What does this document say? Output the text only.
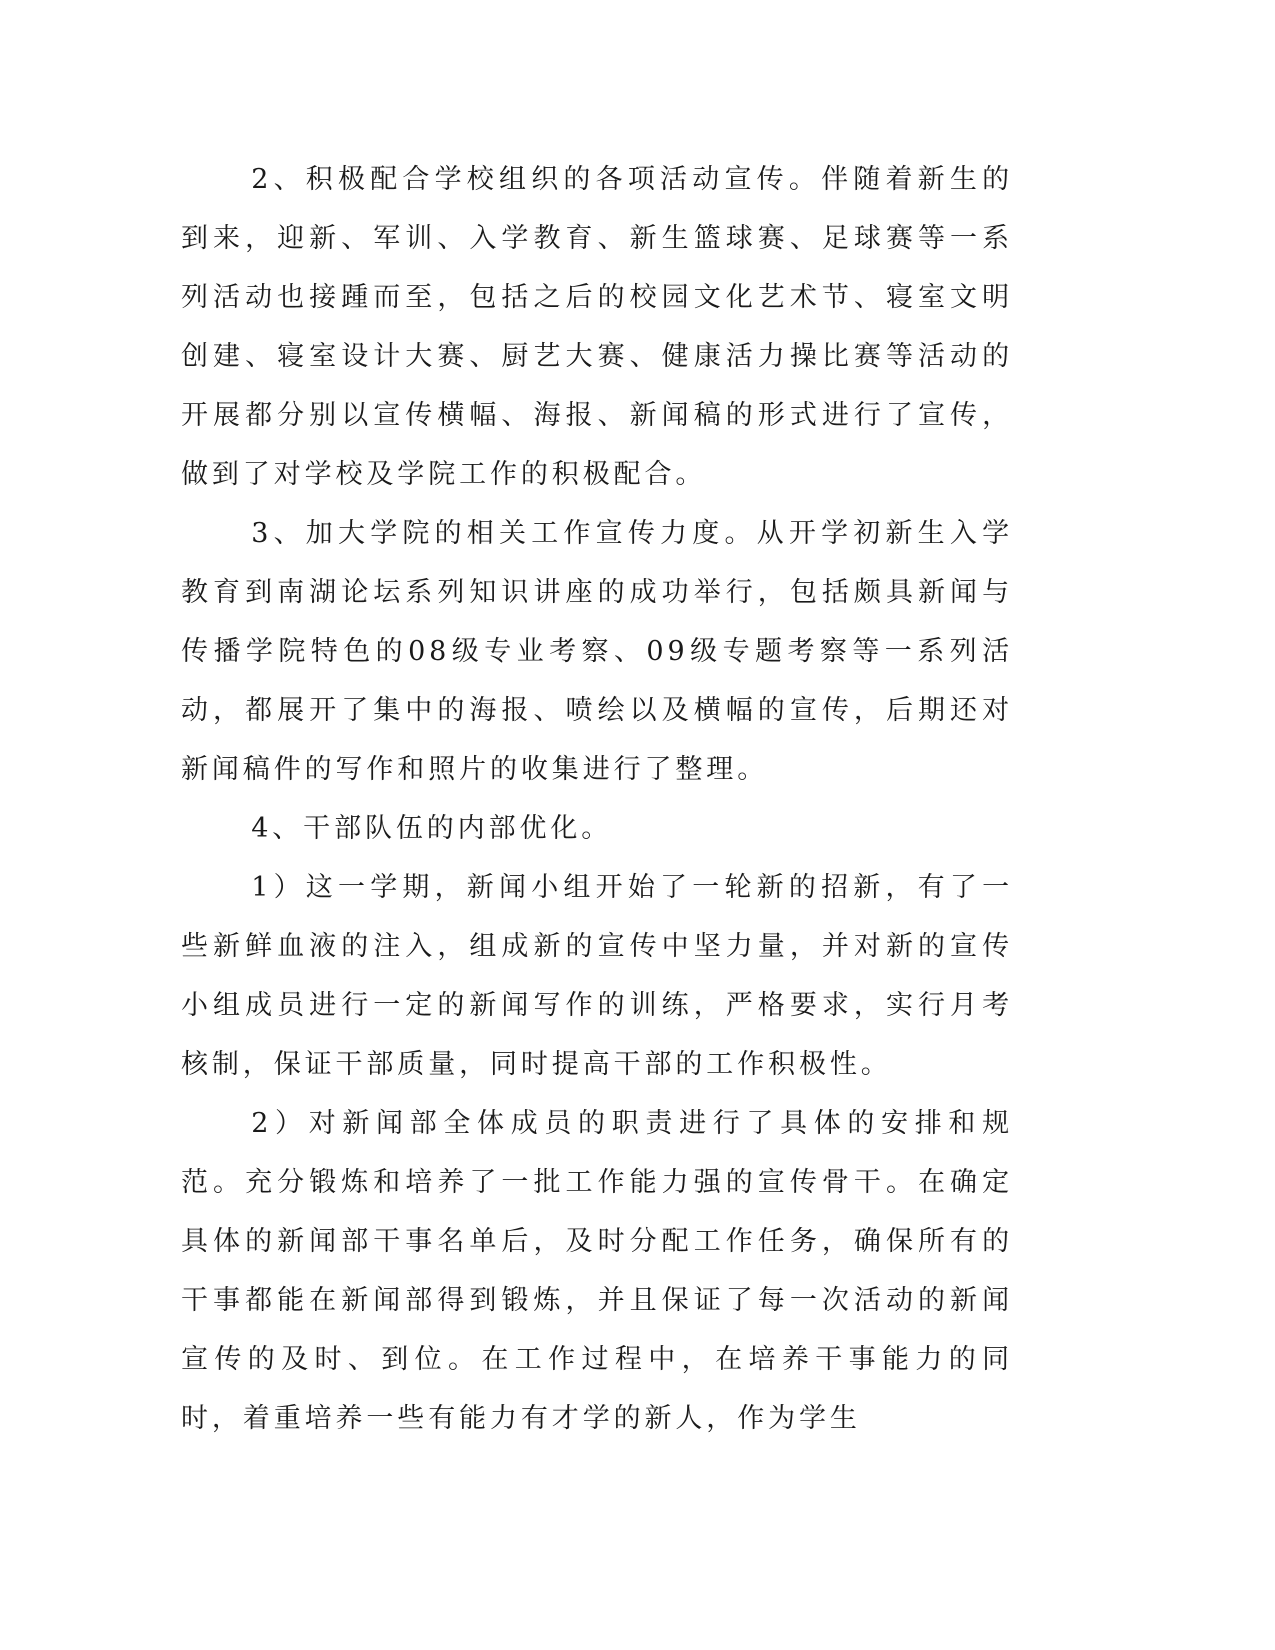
2、积极配合学校组织的各项活动宣传。伴随着新生的到来，迎新、军训、入学教育、新生篮球赛、足球赛等一系列活动也接踵而至，包括之后的校园文化艺术节、寝室文明创建、寝室设计大赛、厨艺大赛、健康活力操比赛等活动的开展都分别以宣传横幅、海报、新闻稿的形式进行了宣传，做到了对学校及学院工作的积极配合。

3、加大学院的相关工作宣传力度。从开学初新生入学教育到南湖论坛系列知识讲座的成功举行，包括颇具新闻与传播学院特色的08级专业考察、09级专题考察等一系列活动，都展开了集中的海报、喷绘以及横幅的宣传，后期还对新闻稿件的写作和照片的收集进行了整理。

4、干部队伍的内部优化。

1）这一学期，新闻小组开始了一轮新的招新，有了一些新鲜血液的注入，组成新的宣传中坚力量，并对新的宣传小组成员进行一定的新闻写作的训练，严格要求，实行月考核制，保证干部质量，同时提高干部的工作积极性。

2）对新闻部全体成员的职责进行了具体的安排和规范。充分锻炼和培养了一批工作能力强的宣传骨干。在确定具体的新闻部干事名单后，及时分配工作任务，确保所有的干事都能在新闻部得到锻炼，并且保证了每一次活动的新闻宣传的及时、到位。在工作过程中，在培养干事能力的同时，着重培养一些有能力有才学的新人，作为学生
